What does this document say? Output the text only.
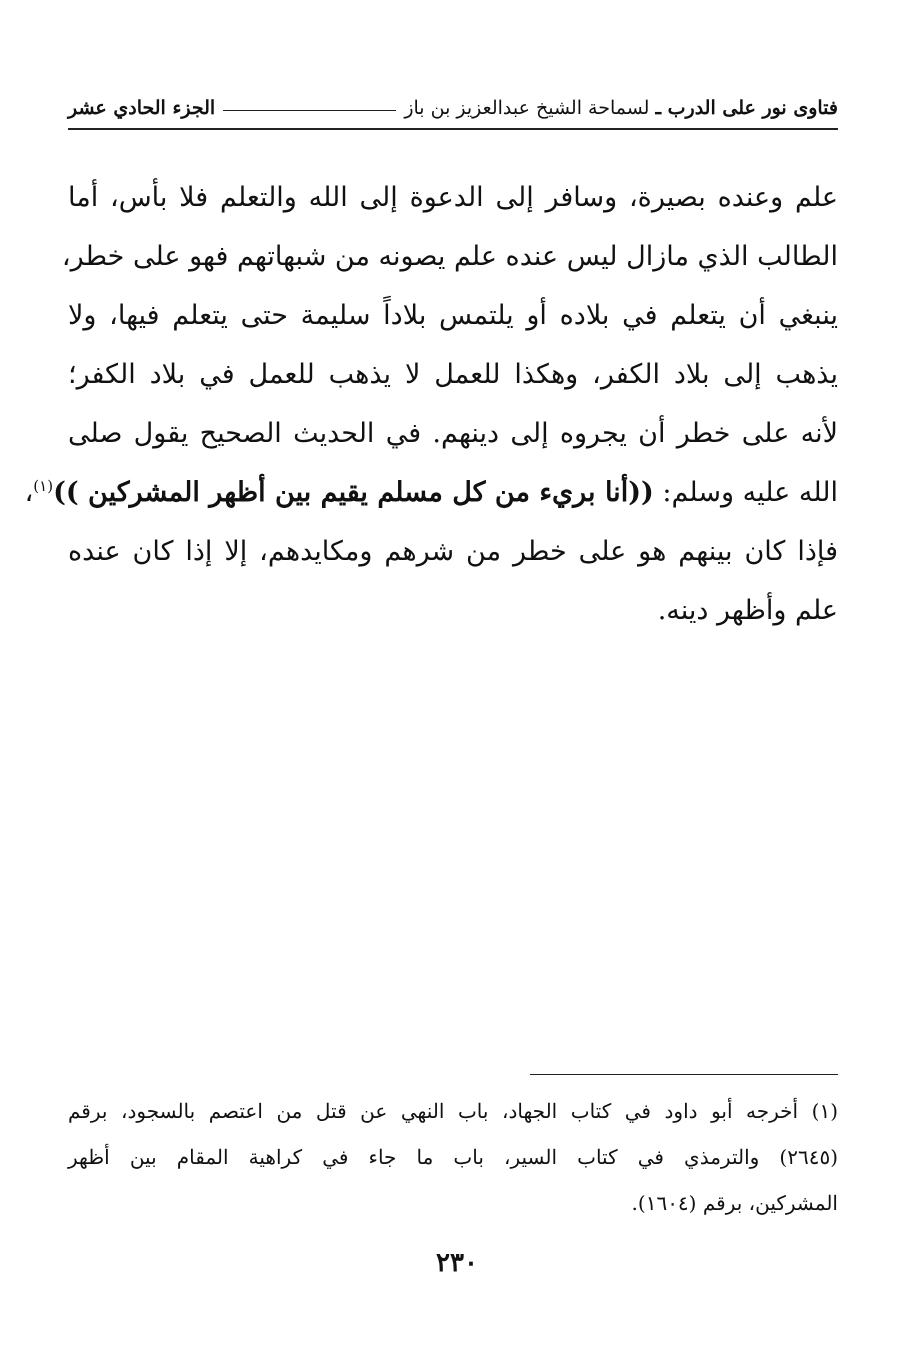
فتاوى نور على الدرب ـ
لسماحة الشيخ عبدالعزيز بن باز
الجزء الحادي عشر
علم وعنده بصيرة، وسافر إلى الدعوة إلى الله والتعلم فلا بأس، أما
الطالب الذي مازال ليس عنده علم يصونه من شبهاتهم فهو على خطر،
ينبغي أن يتعلم في بلاده أو يلتمس بلاداً سليمة حتى يتعلم فيها، ولا
يذهب إلى بلاد الكفر، وهكذا للعمل لا يذهب للعمل في بلاد الكفر؛
لأنه على خطر أن يجروه إلى دينهم. في الحديث الصحيح يقول صلى
الله عليه وسلم: ((أنا بريء من كل مسلم يقيم بين أظهر المشركين ))$^{(١)}$،
فإذا كان بينهم هو على خطر من شرهم ومكايدهم، إلا إذا كان عنده
علم وأظهر دينه.
(١) أخرجه أبو داود في كتاب الجهاد، باب النهي عن قتل من اعتصم بالسجود، برقم
(٢٦٤٥) والترمذي في كتاب السير، باب ما جاء في كراهية المقام بين أظهر
المشركين، برقم (١٦٠٤).
٢٣٠
